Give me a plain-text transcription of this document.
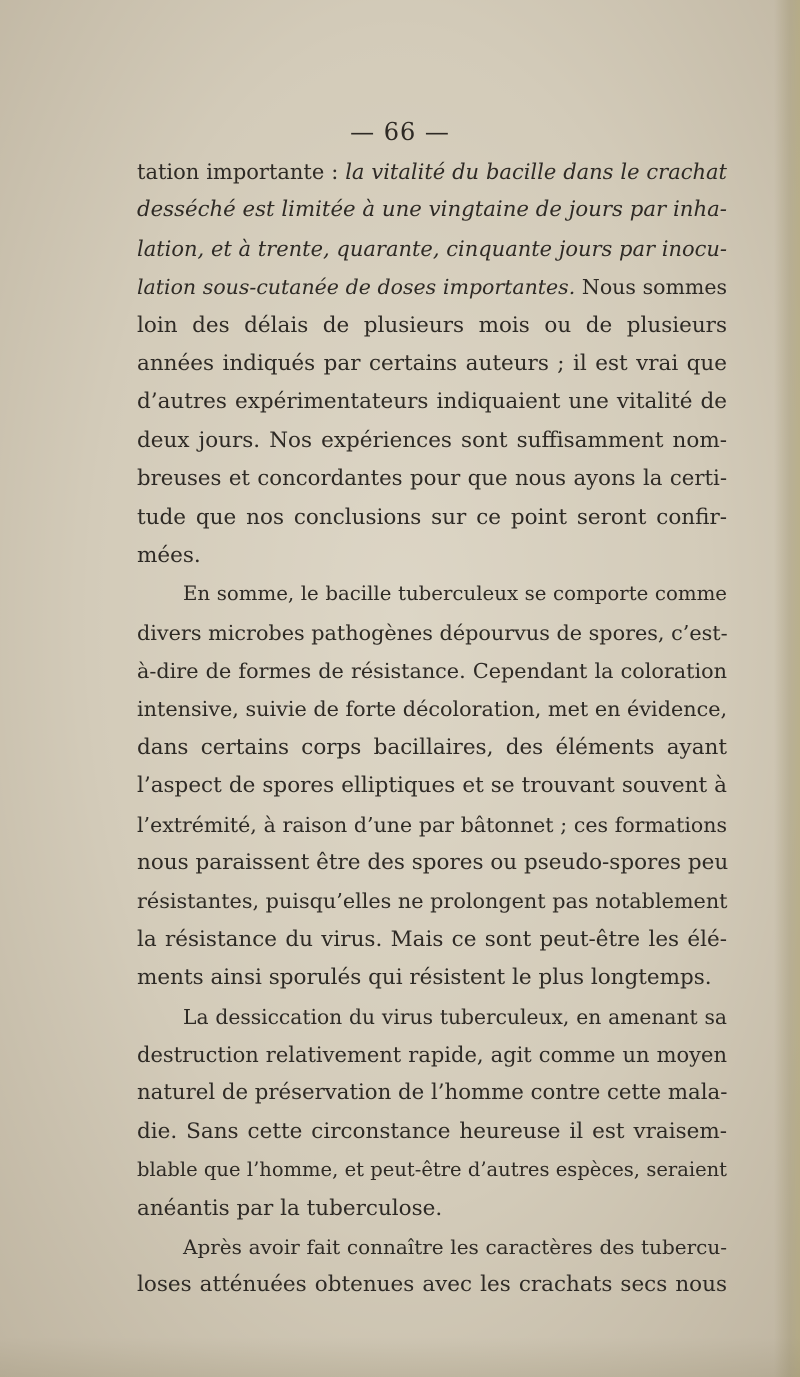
— 66 —
tation importante : la vitalité du bacille dans le crachat
desséché est limitée à une vingtaine de jours par inha-
lation, et à trente, quarante, cinquante jours par inocu-
lation sous-cutanée de doses importantes. Nous sommes
loin des délais de plusieurs mois ou de plusieurs
années indiqués par certains auteurs ; il est vrai que
d’autres expérimentateurs indiquaient une vitalité de
deux jours. Nos expériences sont suffisamment nom-
breuses et concordantes pour que nous ayons la certi-
tude que nos conclusions sur ce point seront confir-
mées.
En somme, le bacille tuberculeux se comporte comme
divers microbes pathogènes dépourvus de spores, c’est-
à-dire de formes de résistance. Cependant la coloration
intensive, suivie de forte décoloration, met en évidence,
dans certains corps bacillaires, des éléments ayant
l’aspect de spores elliptiques et se trouvant souvent à
l’extrémité, à raison d’une par bâtonnet ; ces formations
nous paraissent être des spores ou pseudo-spores peu
résistantes, puisqu’elles ne prolongent pas notablement
la résistance du virus. Mais ce sont peut-être les élé-
ments ainsi sporulés qui résistent le plus longtemps.
La dessiccation du virus tuberculeux, en amenant sa
destruction relativement rapide, agit comme un moyen
naturel de préservation de l’homme contre cette mala-
die. Sans cette circonstance heureuse il est vraisem-
blable que l’homme, et peut-être d’autres espèces, seraient
anéantis par la tuberculose.
Après avoir fait connaître les caractères des tubercu-
loses atténuées obtenues avec les crachats secs nous
